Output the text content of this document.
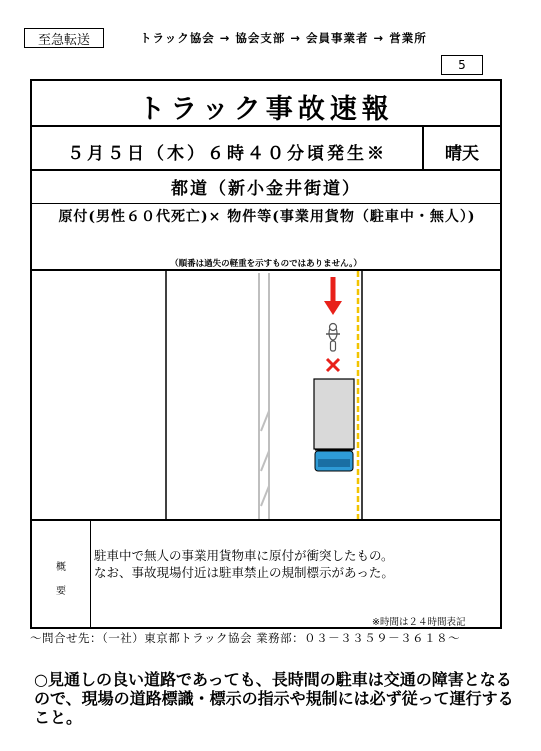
至急転送	トラック協会 → 協会支部 → 会員事業者 → 営業所
5
トラック事故速報
５月５日（木）６時４０分頃発生※	晴天
都道（新小金井街道）
原付(男性６０代死亡)× 物件等(事業用貨物（駐車中・無人）)
（順番は過失の軽重を示すものではありません。）
概
要
駐車中で無人の事業用貨物車に原付が衝突したもの。
なお、事故現場付近は駐車禁止の規制標示があった。
※時間は２４時間表記
～問合せ先：（一社）東京都トラック協会 業務部：０３－３３５９－３６１８～
○見通しの良い道路であっても、長時間の駐車は交通の障害となるので、現場の道路標識・標示の指示や規制には必ず従って運行すること。
